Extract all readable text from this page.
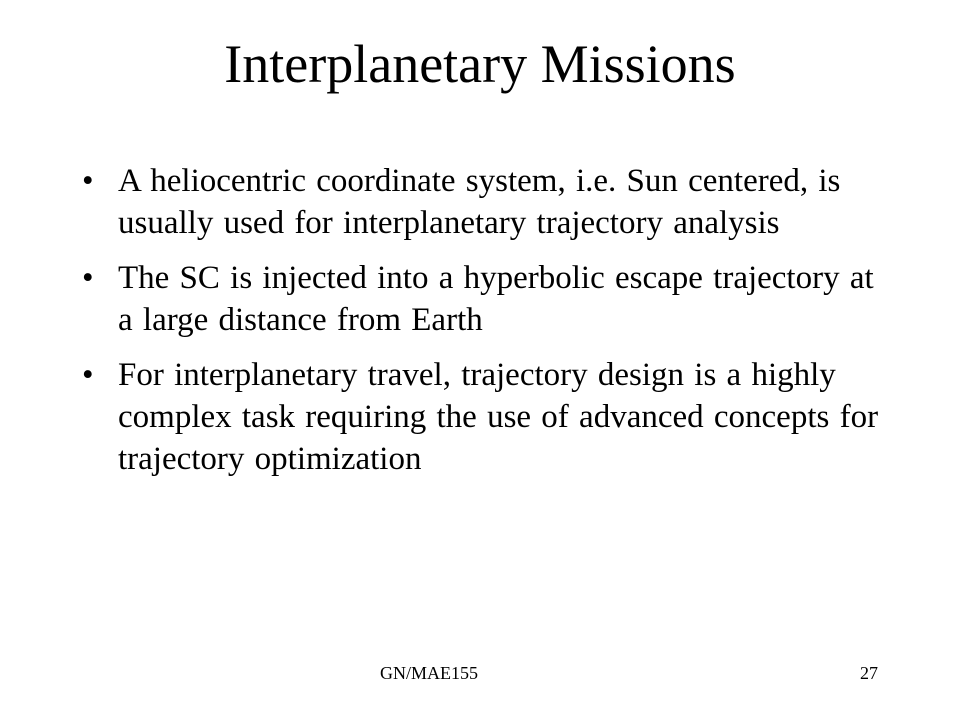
Interplanetary Missions
• A heliocentric coordinate system, i.e. Sun centered, is usually used for interplanetary trajectory analysis
• The SC is injected into a hyperbolic escape trajectory at a large distance from Earth
• For interplanetary travel, trajectory design is a highly complex task requiring the use of advanced concepts for trajectory optimization
GN/MAE155	27
